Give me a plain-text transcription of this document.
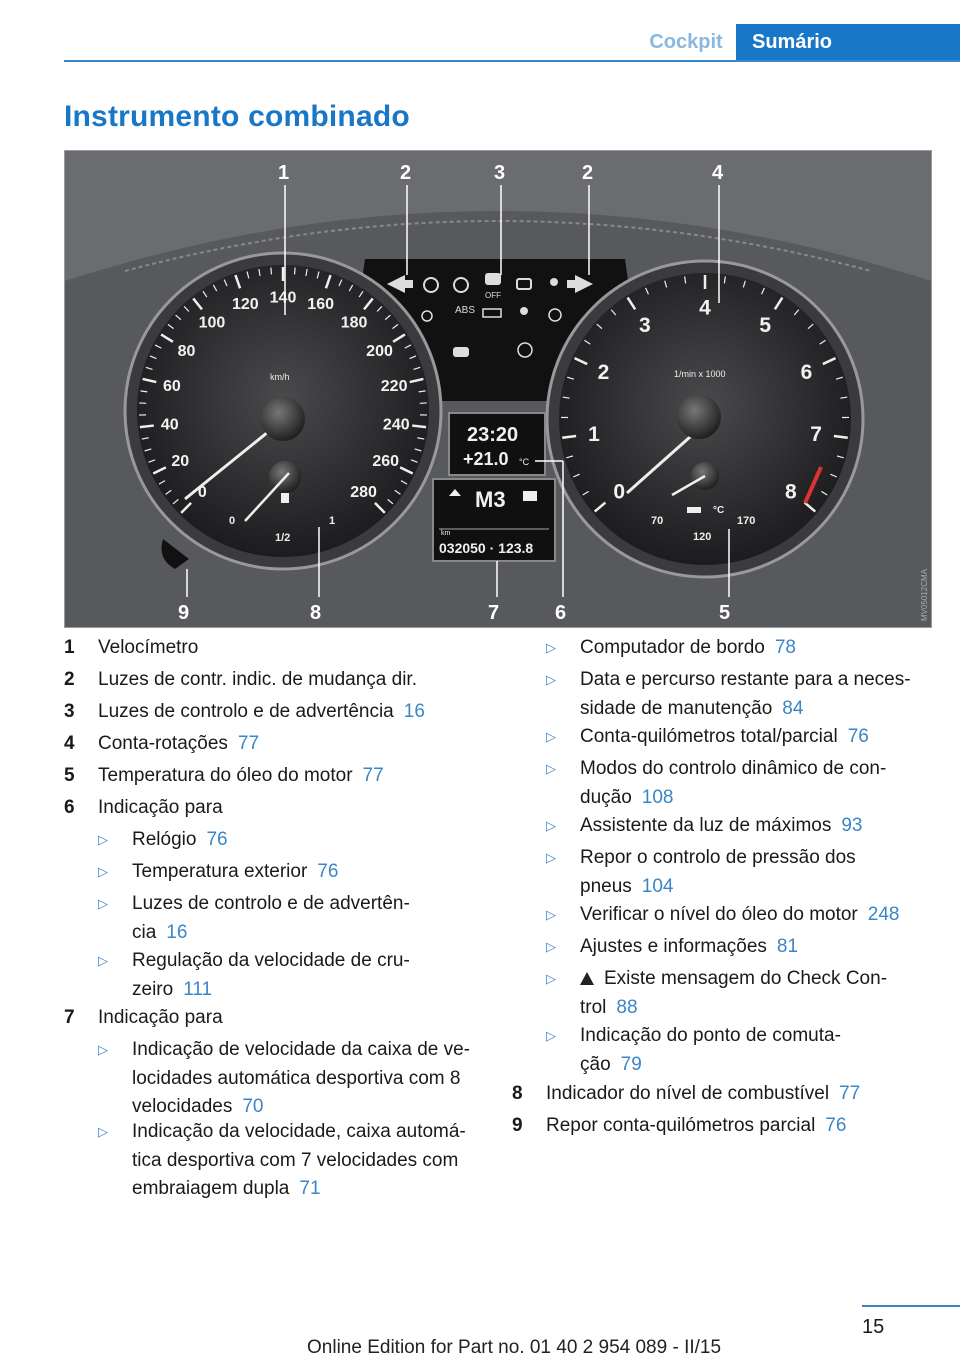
Cockpit	Sumário
Instrumento combinado
ABS
OFF
0
20
40
60
80
100
120 140 160
180
200
220
240
260
280
km/h
0
1/2
1
0
1
2
3
4
5
6
7
8
1/min x 1000
70
120
170
°C
23:20
+21.0 °C
M3
km
032050 · 123.8
1	2	3	2	4
9	8	7	6	5	MV05012CMA
1	Velocímetro
2	Luzes de contr. indic. de mudança dir.
3	Luzes de controlo e de advertência 16
4	Conta-rotações 77
5	Temperatura do óleo do motor 77
6	Indicação para
▷ Relógio 76
▷ Temperatura exterior 76
▷ Luzes de controlo e de advertên-
cia 16
▷ Regulação da velocidade de cru-
zeiro 111
7	Indicação para
▷ Indicação de velocidade da caixa de ve-
locidades automática desportiva com 8
velocidades 70
▷ Indicação da velocidade, caixa automá-
tica desportiva com 7 velocidades com
embraiagem dupla 71
▷ Computador de bordo 78
▷ Data e percurso restante para a neces-
sidade de manutenção 84
▷ Conta-quilómetros total/parcial 76
▷ Modos do controlo dinâmico de con-
dução 108
▷ Assistente da luz de máximos 93
▷ Repor o controlo de pressão dos
pneus 104
▷ Verificar o nível do óleo do motor 248
▷ Ajustes e informações 81
▷	Existe mensagem do Check Con-
trol 88
▷ Indicação do ponto de comuta-
ção 79
8	Indicador do nível de combustível 77
9	Repor conta-quilómetros parcial 76
15
Online Edition for Part no. 01 40 2 954 089 - II/15
